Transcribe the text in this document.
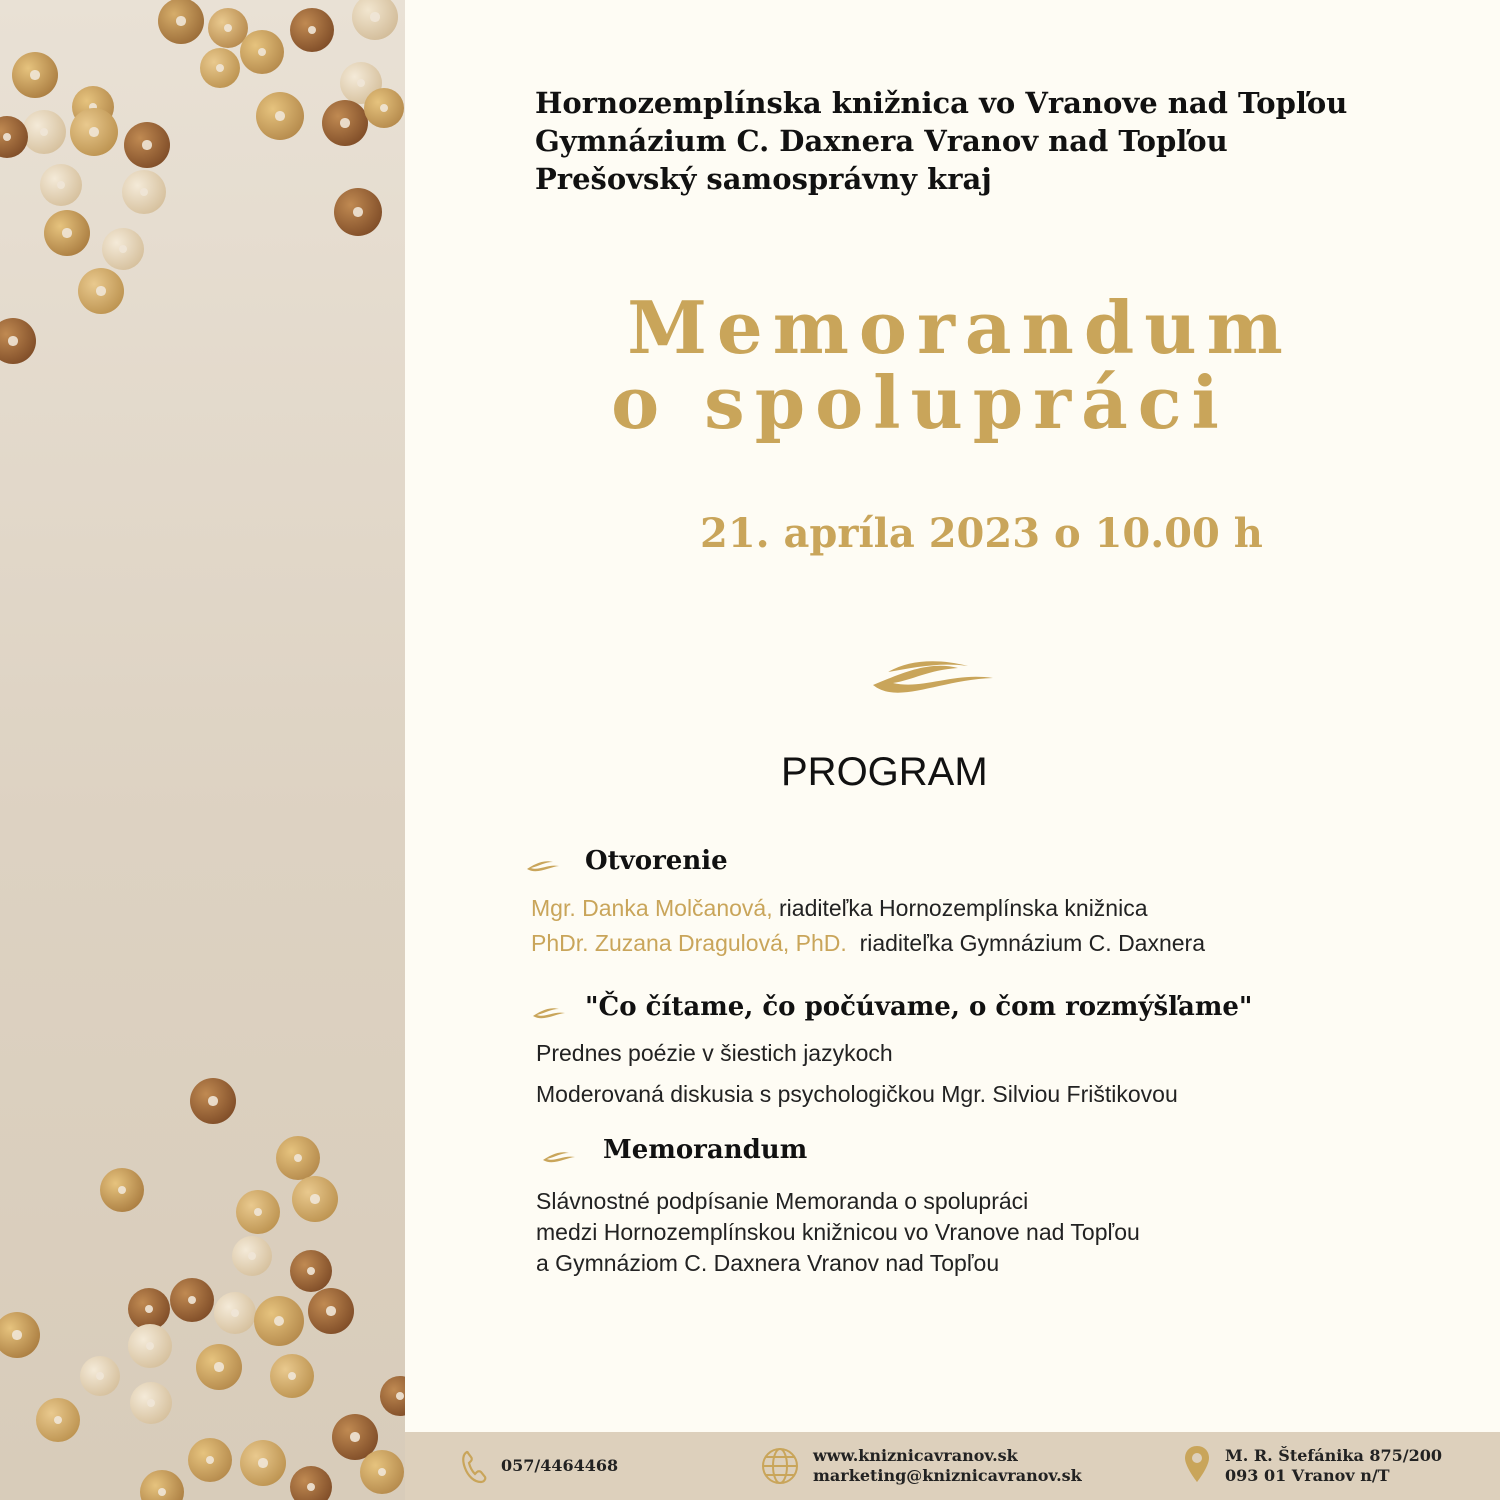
Hornozemplínska knižnica vo Vranove nad Topľou
Gymnázium C. Daxnera Vranov nad Topľou
Prešovský samosprávny kraj
Memorandum
o spolupráci
21. apríla 2023 o 10.00 h
PROGRAM
Otvorenie
Mgr. Danka Molčanová, riaditeľka Hornozemplínska knižnica
PhDr. Zuzana Dragulová, PhD. riaditeľka Gymnázium C. Daxnera
"Čo čítame, čo počúvame, o čom rozmýšľame"
Prednes poézie v šiestich jazykoch
Moderovaná diskusia s psychologičkou Mgr. Silviou Frištikovou
Memorandum
Slávnostné podpísanie Memoranda o spolupráci
medzi Hornozemplínskou knižnicou vo Vranove nad Topľou
a Gymnáziom C. Daxnera Vranov nad Topľou
057/4464468
www.kniznicavranov.sk
marketing@kniznicavranov.sk
M. R. Štefánika 875/200
093 01 Vranov n/T
